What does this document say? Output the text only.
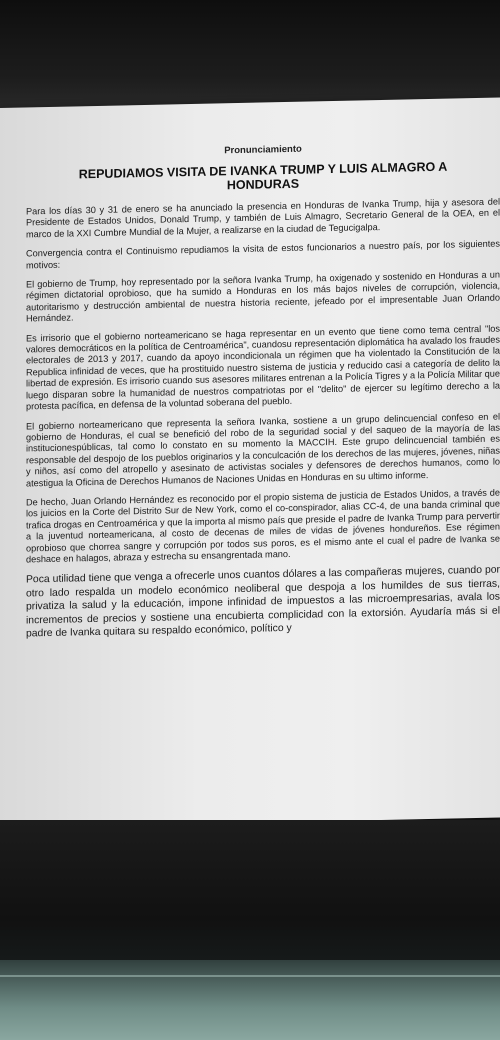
Pronunciamiento
REPUDIAMOS VISITA DE IVANKA TRUMP Y LUIS ALMAGRO A HONDURAS

Para los días 30 y 31 de enero se ha anunciado la presencia en Honduras de Ivanka Trump, hija y asesora del Presidente de Estados Unidos, Donald Trump, y también de Luis Almagro, Secretario General de la OEA, en el marco de la XXI Cumbre Mundial de la Mujer, a realizarse en la ciudad de Tegucigalpa.

Convergencia contra el Continuismo repudiamos la visita de estos funcionarios a nuestro país, por los siguientes motivos:

El gobierno de Trump, hoy representado por la señora Ivanka Trump, ha oxigenado y sostenido en Honduras a un régimen dictatorial oprobioso, que ha sumido a Honduras en los más bajos niveles de corrupción, violencia, autoritarismo y destrucción ambiental de nuestra historia reciente, jefeado por el impresentable Juan Orlando Hernández.

Es irrisorio que el gobierno norteamericano se haga representar en un evento que tiene como tema central "los valores democráticos en la política de Centroamérica", cuandosu representación diplomática ha avalado los fraudes electorales de 2013 y 2017, cuando da apoyo incondicionala un régimen que ha violentado la Constitución de la Republica infinidad de veces, que ha prostituido nuestro sistema de justicia y reducido casi a categoría de delito la libertad de expresión. Es irrisorio cuando sus asesores militares entrenan a la Policía Tigres y a la Policía Militar que luego disparan sobre la humanidad de nuestros compatriotas por el "delito" de ejercer su legítimo derecho a la protesta pacífica, en defensa de la voluntad soberana del pueblo.

El gobierno norteamericano que representa la señora Ivanka, sostiene a un grupo delincuencial confeso en el gobierno de Honduras, el cual se benefició del robo de la seguridad social y del saqueo de la mayoría de las institucionespúblicas, tal como lo constato en su momento la MACCIH. Este grupo delincuencial también es responsable del despojo de los pueblos originarios y la conculcación de los derechos de las mujeres, jóvenes, niñas y niños, así como del atropello y asesinato de activistas sociales y defensores de derechos humanos, como lo atestigua la Oficina de Derechos Humanos de Naciones Unidas en Honduras en su ultimo informe.

De hecho, Juan Orlando Hernández es reconocido por el propio sistema de justicia de Estados Unidos, a través de los juicios en la Corte del Distrito Sur de New York, como el co-conspirador, alias CC-4, de una banda criminal que trafica drogas en Centroamérica y que la importa al mismo país que preside el padre de Ivanka Trump para pervertir a la juventud norteamericana, al costo de decenas de miles de vidas de jóvenes hondureños. Ese régimen oprobioso que chorrea sangre y corrupción por todos sus poros, es el mismo ante el cual el padre de Ivanka se deshace en halagos, abraza y estrecha su ensangrentada mano.

Poca utilidad tiene que venga a ofrecerle unos cuantos dólares a las compañeras mujeres, cuando por otro lado respalda un modelo económico neoliberal que despoja a los humildes de sus tierras, privatiza la salud y la educación, impone infinidad de impuestos a las microempresarias, avala los incrementos de precios y sostiene una encubierta complicidad con la extorsión. Ayudaría más si el padre de Ivanka quitara su respaldo económico, político y
